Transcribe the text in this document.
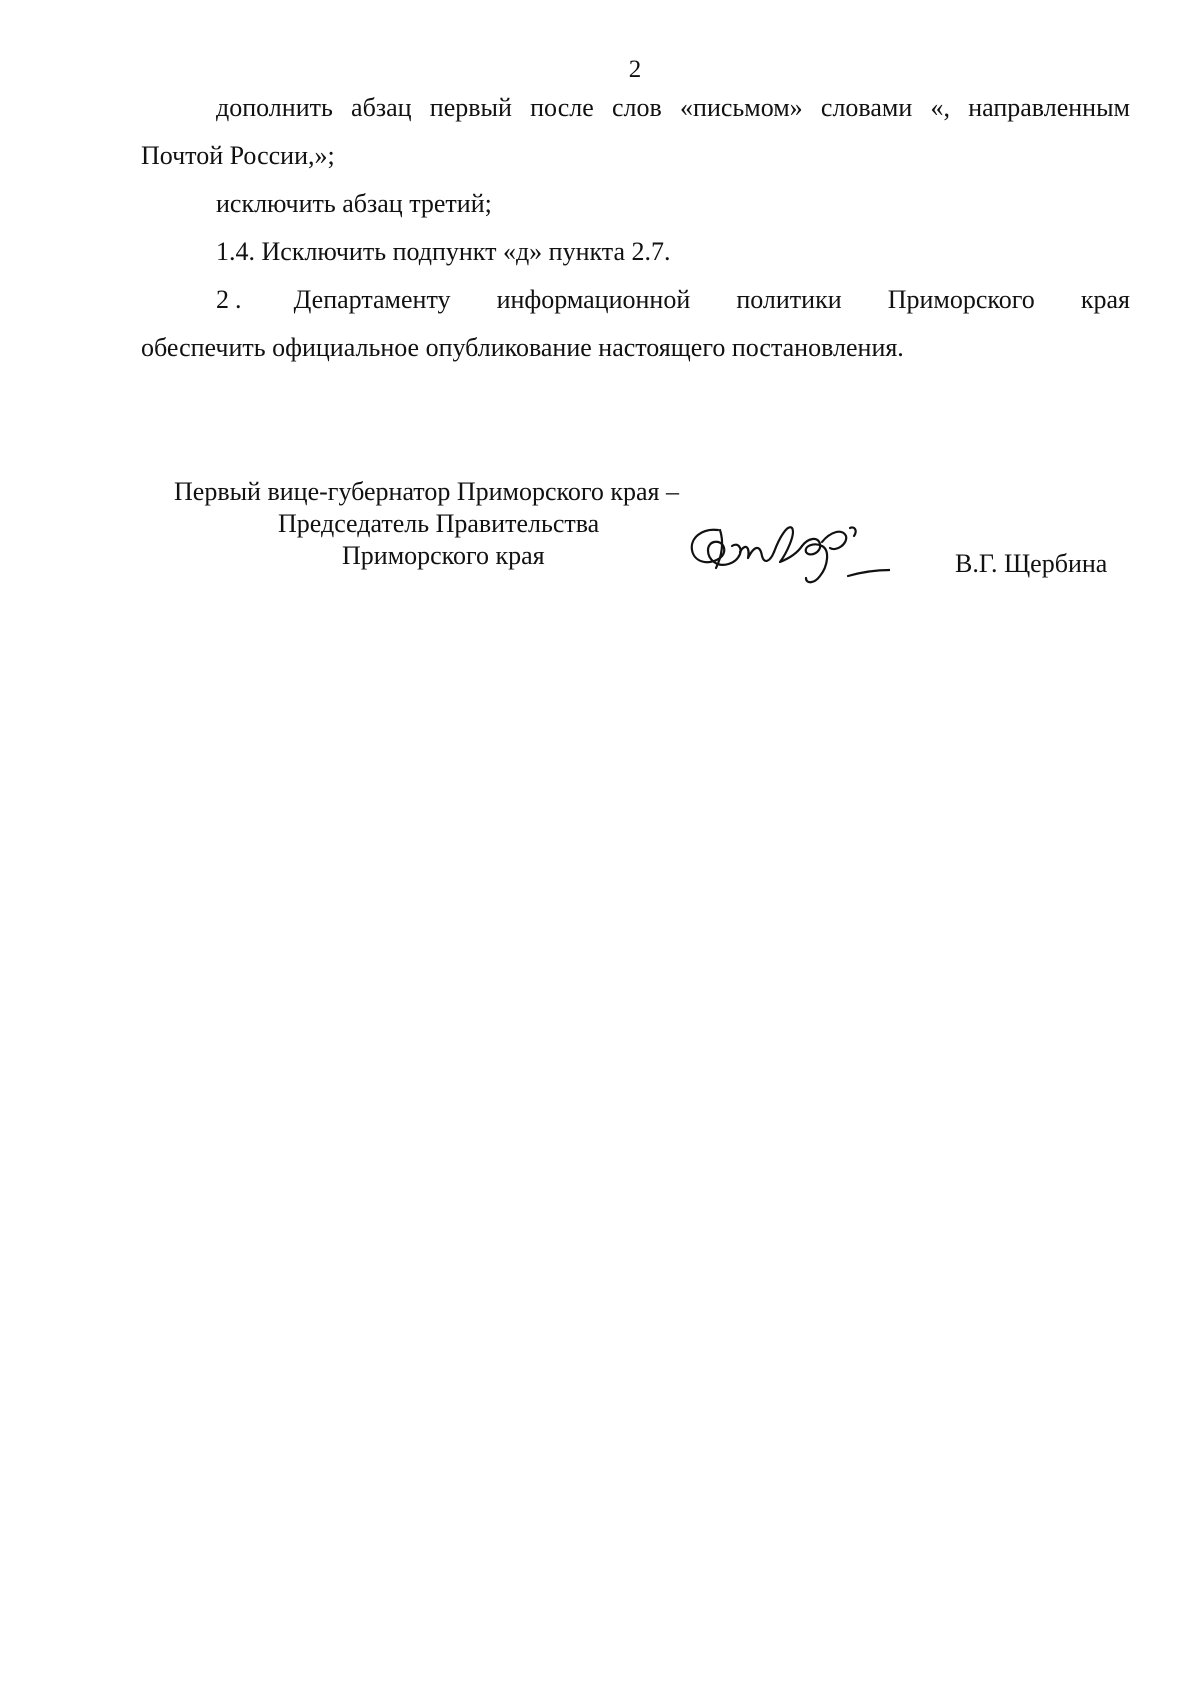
2

дополнить абзац первый после слов «письмом» словами «, направленным

Почтой России,»;

исключить абзац третий;

1.4. Исключить подпункт «д» пункта 2.7.

2. Департаменту информационной политики Приморского края

обеспечить официальное опубликование настоящего постановления.

Первый вице-губернатор Приморского края –
Председатель Правительства
Приморского края	В.Г. Щербина
